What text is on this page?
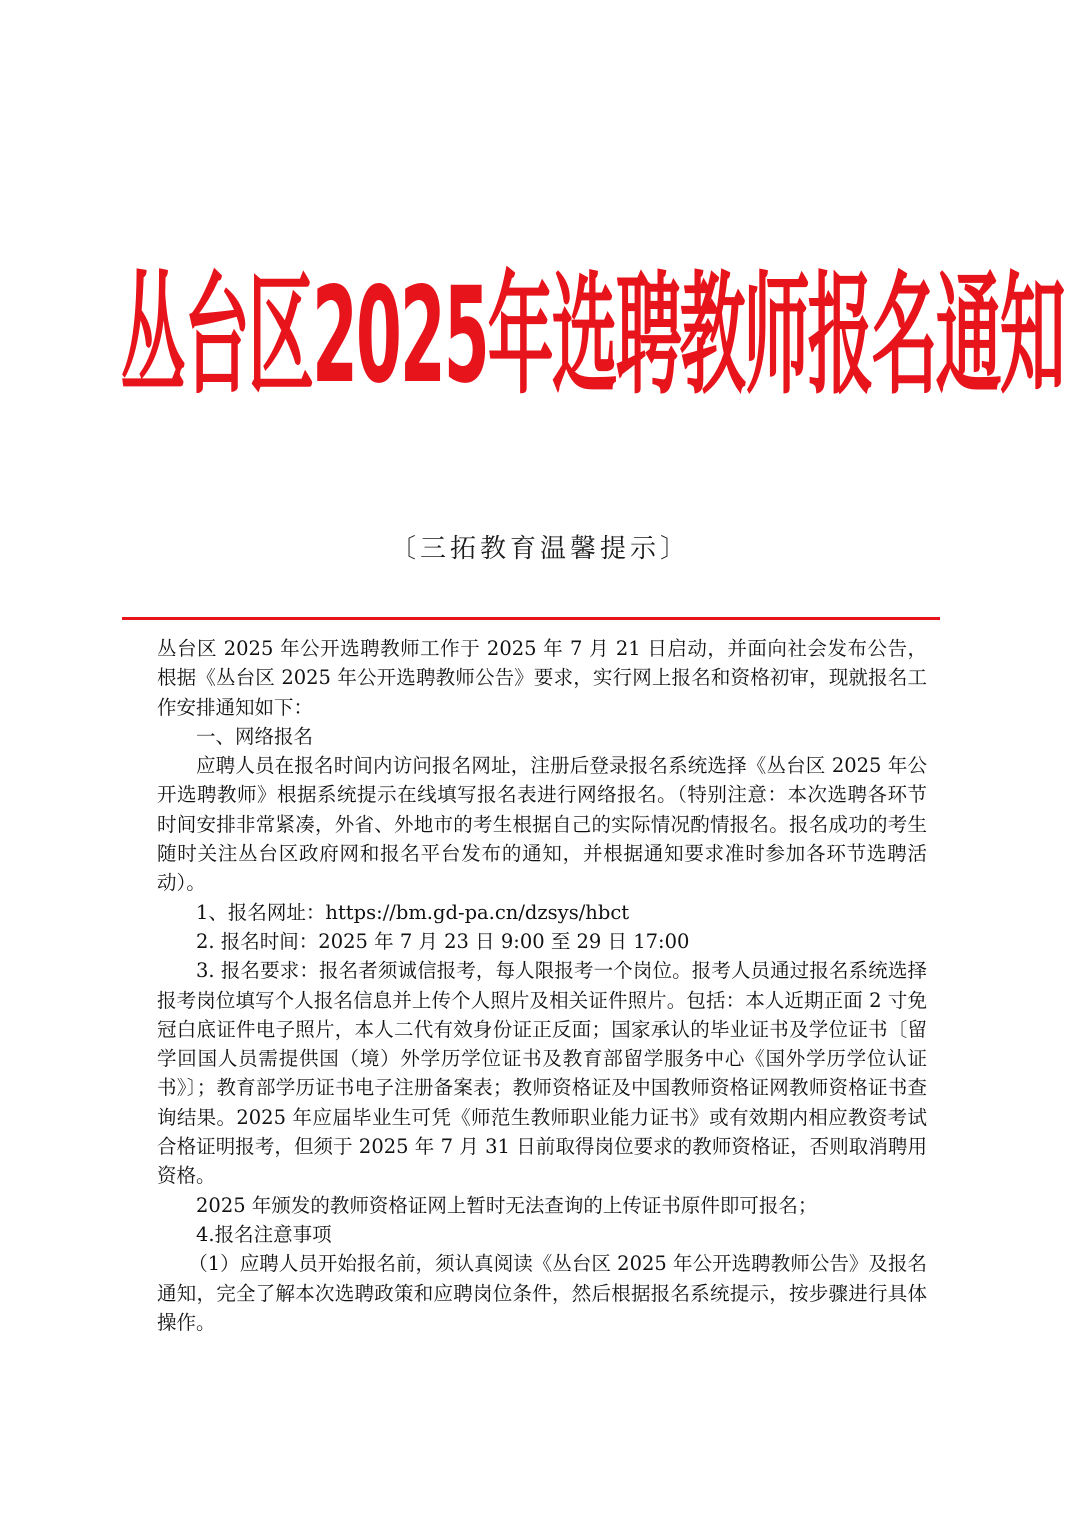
丛台区2025年选聘教师报名通知
〔三拓教育温馨提示〕

丛台区 2025 年公开选聘教师工作于 2025 年 7 月 21 日启动，并面向社会发布公告，根据《丛台区 2025 年公开选聘教师公告》要求，实行网上报名和资格初审，现就报名工作安排通知如下：

一、网络报名

应聘人员在报名时间内访问报名网址，注册后登录报名系统选择《丛台区 2025 年公开选聘教师》根据系统提示在线填写报名表进行网络报名。（特别注意：本次选聘各环节时间安排非常紧凑，外省、外地市的考生根据自己的实际情况酌情报名。报名成功的考生随时关注丛台区政府网和报名平台发布的通知，并根据通知要求准时参加各环节选聘活动）。

1、报名网址：https://bm.gd-pa.cn/dzsys/hbct

2. 报名时间：2025 年 7 月 23 日 9:00 至 29 日 17:00

3. 报名要求：报名者须诚信报考，每人限报考一个岗位。报考人员通过报名系统选择报考岗位填写个人报名信息并上传个人照片及相关证件照片。包括：本人近期正面 2 寸免冠白底证件电子照片，本人二代有效身份证正反面；国家承认的毕业证书及学位证书〔留学回国人员需提供国（境）外学历学位证书及教育部留学服务中心《国外学历学位认证书》〕；教育部学历证书电子注册备案表；教师资格证及中国教师资格证网教师资格证书查询结果。2025 年应届毕业生可凭《师范生教师职业能力证书》或有效期内相应教资考试合格证明报考，但须于 2025 年 7 月 31 日前取得岗位要求的教师资格证，否则取消聘用资格。

2025 年颁发的教师资格证网上暂时无法查询的上传证书原件即可报名；

4.报名注意事项

（1）应聘人员开始报名前，须认真阅读《丛台区 2025 年公开选聘教师公告》及报名通知，完全了解本次选聘政策和应聘岗位条件，然后根据报名系统提示，按步骤进行具体操作。
